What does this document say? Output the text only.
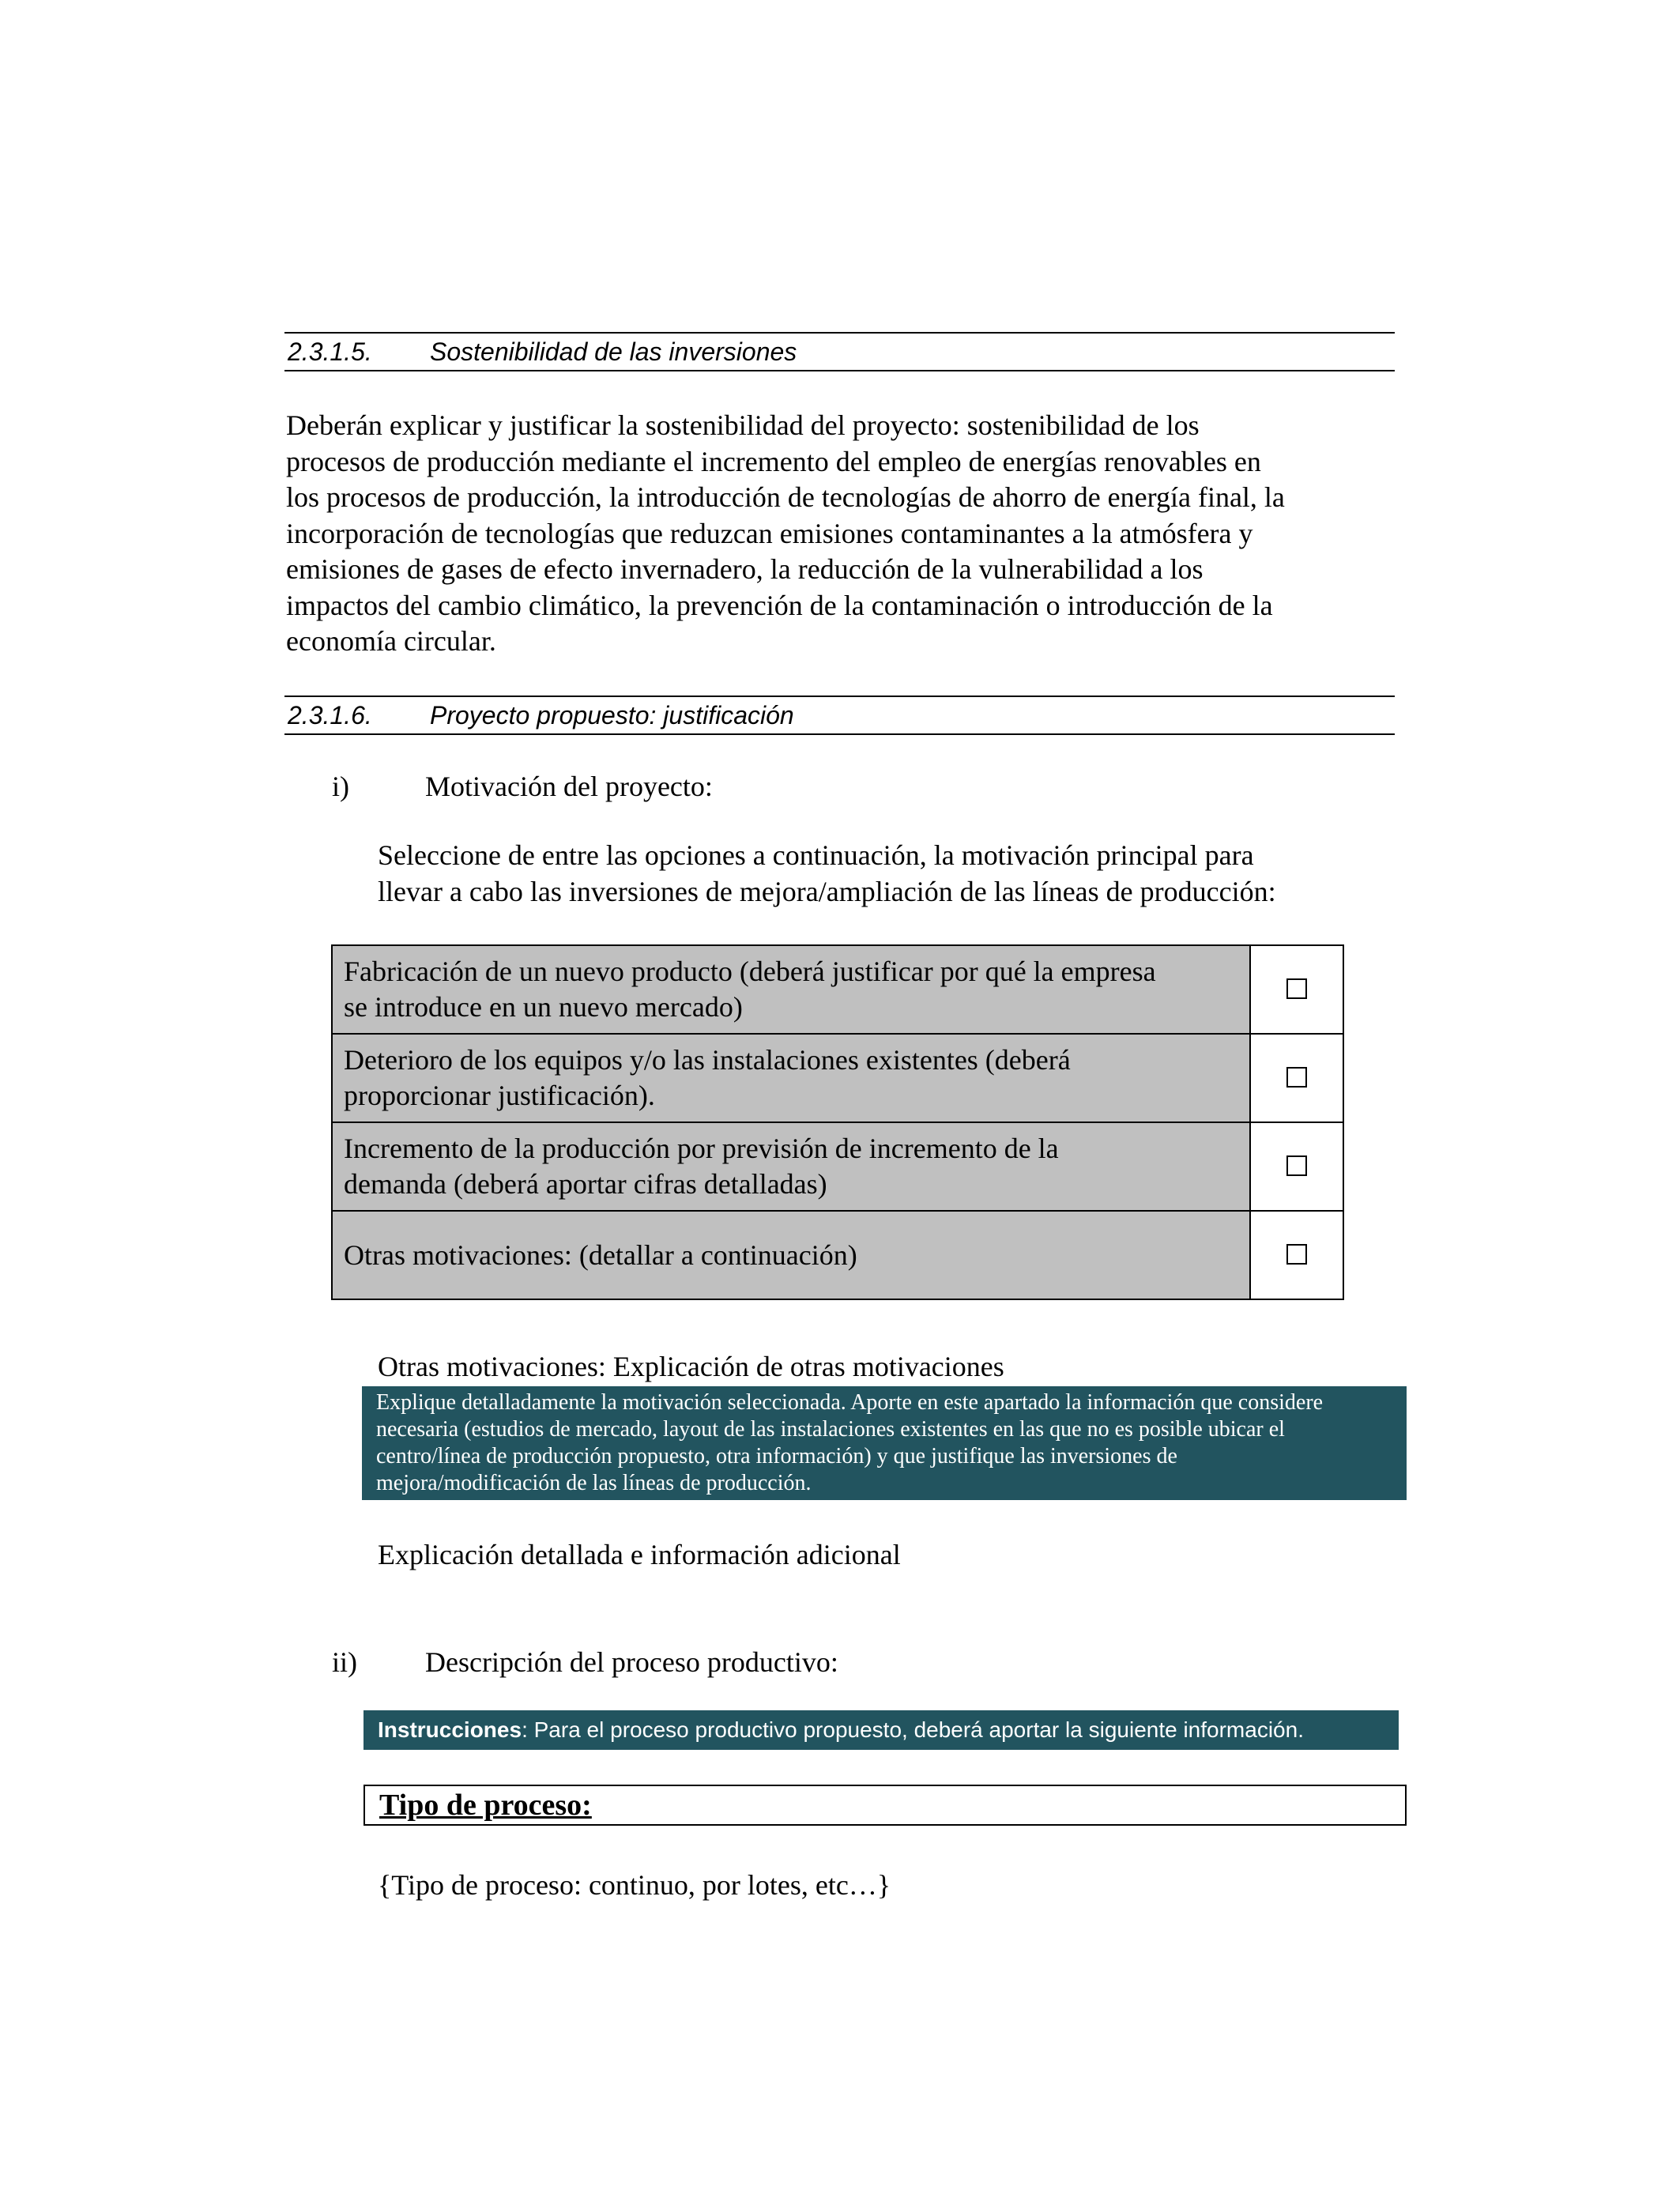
2.3.1.5.	Sostenibilidad de las inversiones
Deberán explicar y justificar la sostenibilidad del proyecto: sostenibilidad de los
procesos de producción mediante el incremento del empleo de energías renovables en
los procesos de producción, la introducción de tecnologías de ahorro de energía final, la
incorporación de tecnologías que reduzcan emisiones contaminantes a la atmósfera y
emisiones de gases de efecto invernadero, la reducción de la vulnerabilidad a los
impactos del cambio climático, la prevención de la contaminación o introducción de la
economía circular.
2.3.1.6.	Proyecto propuesto: justificación
i)	Motivación del proyecto:
Seleccione de entre las opciones a continuación, la motivación principal para
llevar a cabo las inversiones de mejora/ampliación de las líneas de producción:
Fabricación de un nuevo producto (deberá justificar por qué la empresa
se introduce en un nuevo mercado)	

Deterioro de los equipos y/o las instalaciones existentes (deberá
proporcionar justificación).	

Incremento de la producción por previsión de incremento de la
demanda (deberá aportar cifras detalladas)	

Otras motivaciones: (detallar a continuación)	

Otras motivaciones: Explicación de otras motivaciones
Explique detalladamente la motivación seleccionada. Aporte en este apartado la información que considere
necesaria (estudios de mercado, layout de las instalaciones existentes en las que no es posible ubicar el
centro/línea de producción propuesto, otra información) y que justifique las inversiones de
mejora/modificación de las líneas de producción.
Explicación detallada e información adicional
ii) Descripción del proceso productivo:
Instrucciones : Para el proceso productivo propuesto, deberá aportar la siguiente información.
Tipo de proceso:
{Tipo de proceso: continuo, por lotes, etc…}
